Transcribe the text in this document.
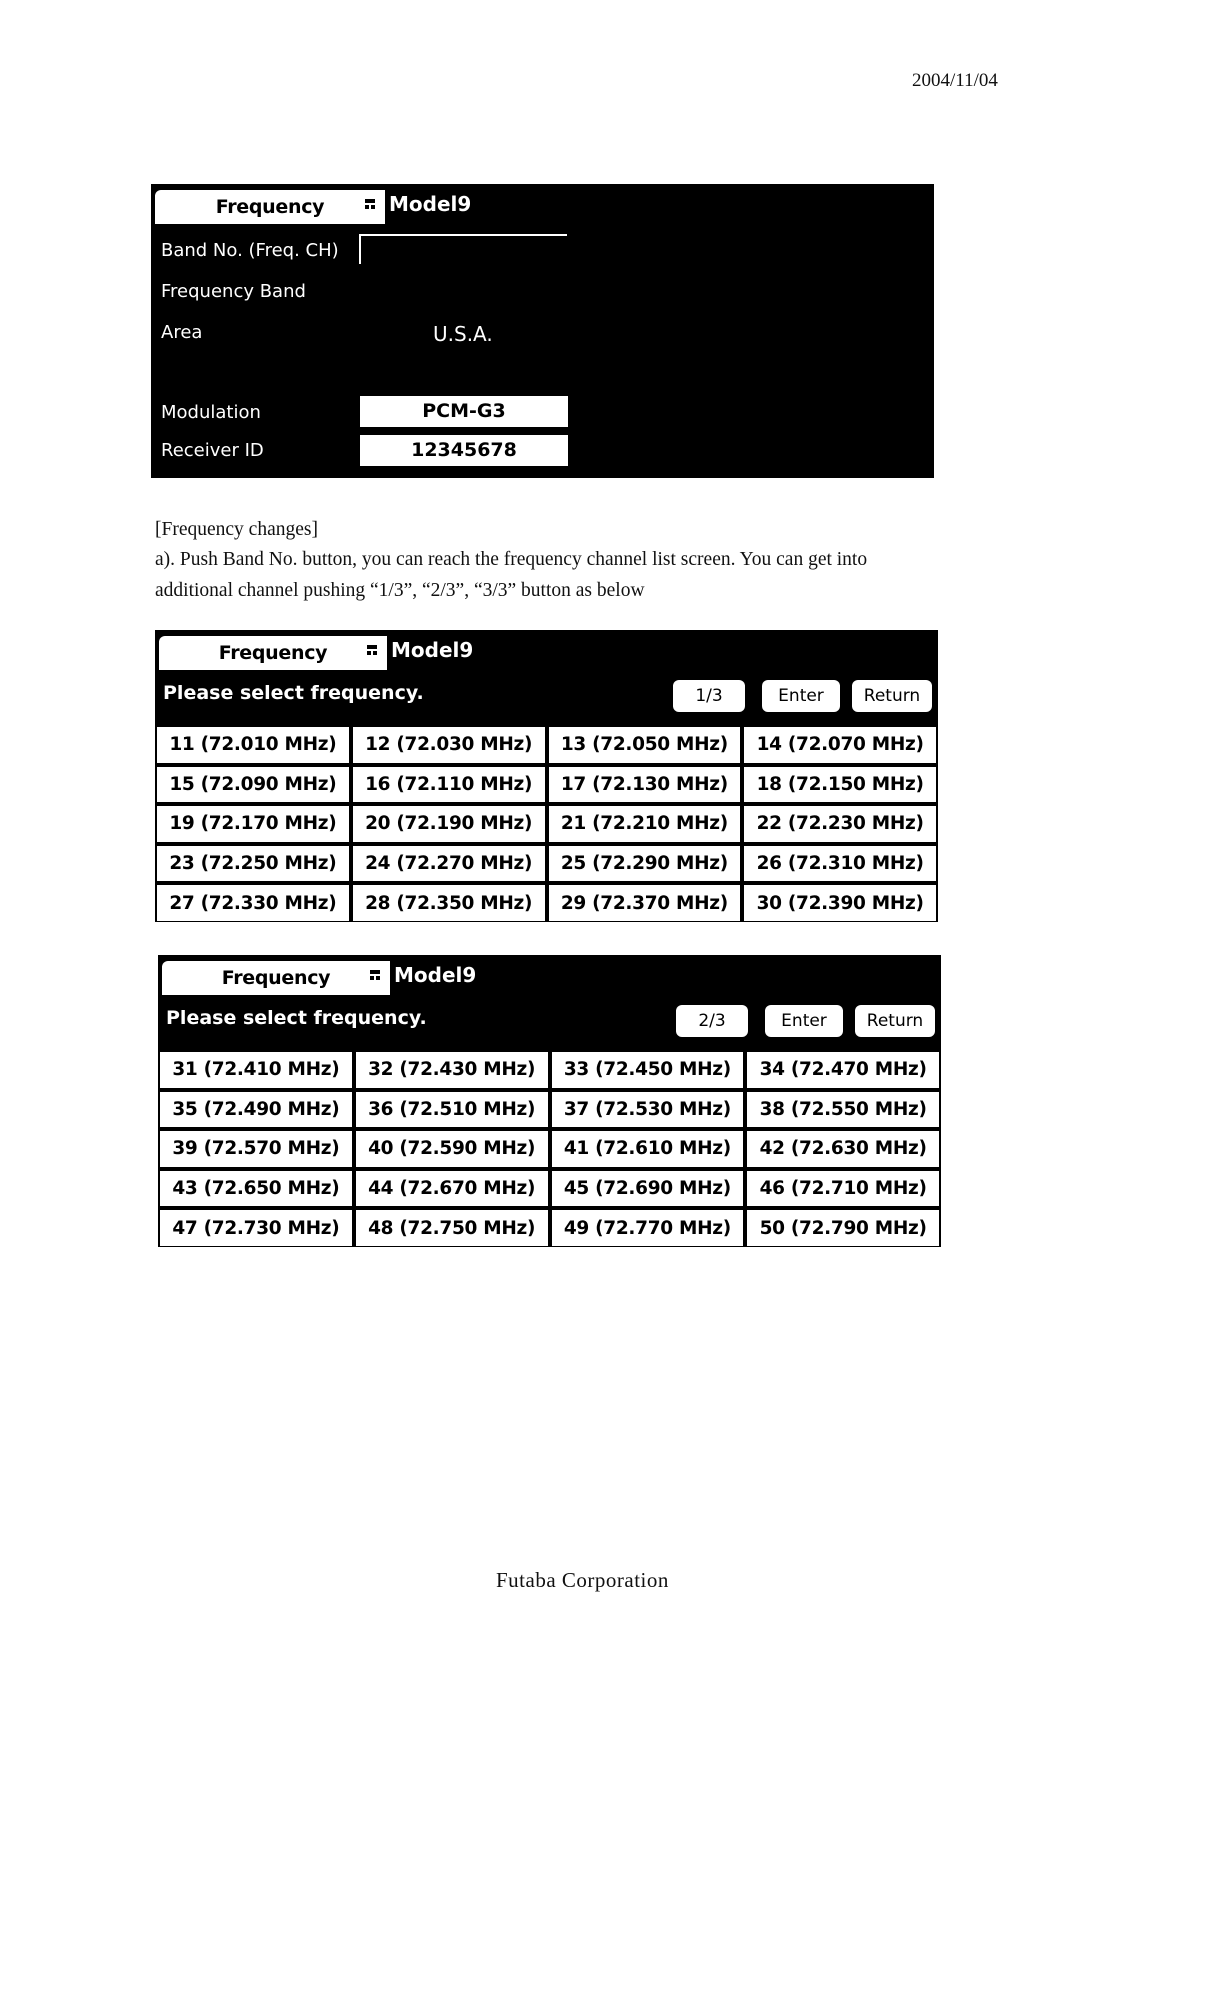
2004/11/04
Frequency	Model9
Band No. (Freq. CH)
Frequency Band
Area	U.S.A.
Modulation	PCM-G3
Receiver ID	12345678
[Frequency changes]
a). Push Band No. button, you can reach the frequency channel list screen. You can get into
additional channel pushing “1/3”, “2/3”, “3/3” button as below
Frequency	Model9
Please select frequency.	1/3	Enter	Return
11 (72.010 MHz)	12 (72.030 MHz)	13 (72.050 MHz)	14 (72.070 MHz)
15 (72.090 MHz)	16 (72.110 MHz)	17 (72.130 MHz)	18 (72.150 MHz)
19 (72.170 MHz)	20 (72.190 MHz)	21 (72.210 MHz)	22 (72.230 MHz)
23 (72.250 MHz)	24 (72.270 MHz)	25 (72.290 MHz)	26 (72.310 MHz)
27 (72.330 MHz)	28 (72.350 MHz)	29 (72.370 MHz)	30 (72.390 MHz)
Frequency	Model9
Please select frequency.	2/3	Enter	Return
31 (72.410 MHz)	32 (72.430 MHz)	33 (72.450 MHz)	34 (72.470 MHz)
35 (72.490 MHz)	36 (72.510 MHz)	37 (72.530 MHz)	38 (72.550 MHz)
39 (72.570 MHz)	40 (72.590 MHz)	41 (72.610 MHz)	42 (72.630 MHz)
43 (72.650 MHz)	44 (72.670 MHz)	45 (72.690 MHz)	46 (72.710 MHz)
47 (72.730 MHz)	48 (72.750 MHz)	49 (72.770 MHz)	50 (72.790 MHz)
Futaba Corporation
